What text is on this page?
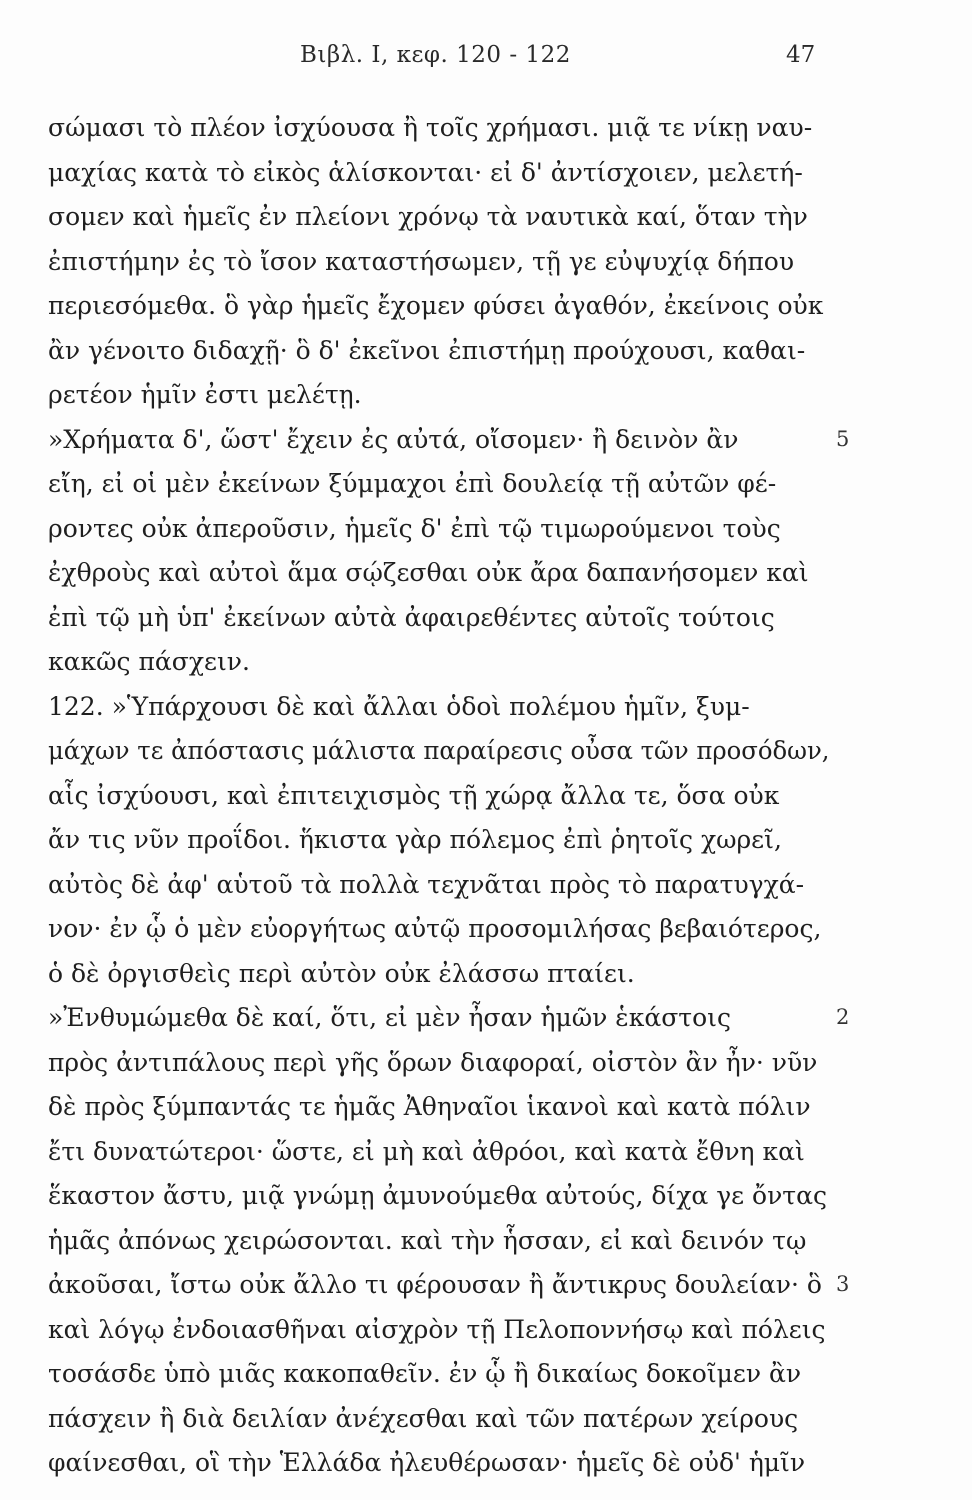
Βιβλ. I, κεφ. 120 - 122	47
σώμασι τὸ πλέον ἰσχύουσα ἢ τοῖς χρήμασι. μιᾷ τε νίκῃ ναυ-
μαχίας κατὰ τὸ εἰκὸς ἁλίσκονται· εἰ δ' ἀντίσχοιεν, μελετή-
σομεν καὶ ἡμεῖς ἐν πλείονι χρόνῳ τὰ ναυτικὰ καί, ὅταν τὴν
ἐπιστήμην ἐς τὸ ἴσον καταστήσωμεν, τῇ γε εὐψυχίᾳ δήπου
περιεσόμεθα. ὃ γὰρ ἡμεῖς ἔχομεν φύσει ἀγαθόν, ἐκείνοις οὐκ
ἂν γένοιτο διδαχῇ· ὃ δ' ἐκεῖνοι ἐπιστήμῃ προύχουσι, καθαι-
ρετέον ἡμῖν ἐστι μελέτῃ.
»Χρήματα δ', ὥστ' ἔχειν ἐς αὐτά, οἴσομεν· ἢ δεινὸν ἂν
εἴη, εἰ οἱ μὲν ἐκείνων ξύμμαχοι ἐπὶ δουλείᾳ τῇ αὐτῶν φέ-
ροντες οὐκ ἀπεροῦσιν, ἡμεῖς δ' ἐπὶ τῷ τιμωρούμενοι τοὺς
ἐχθροὺς καὶ αὐτοὶ ἅμα σῴζεσθαι οὐκ ἄρα δαπανήσομεν καὶ
ἐπὶ τῷ μὴ ὑπ' ἐκείνων αὐτὰ ἀφαιρεθέντες αὐτοῖς τούτοις
κακῶς πάσχειν.
122. »Ὑπάρχουσι δὲ καὶ ἄλλαι ὁδοὶ πολέμου ἡμῖν, ξυμ-
μάχων τε ἀπόστασις μάλιστα παραίρεσις οὖσα τῶν προσόδων,
αἷς ἰσχύουσι, καὶ ἐπιτειχισμὸς τῇ χώρᾳ ἄλλα τε, ὅσα οὐκ
ἄν τις νῦν προΐδοι. ἥκιστα γὰρ πόλεμος ἐπὶ ῥητοῖς χωρεῖ,
αὐτὸς δὲ ἀφ' αὑτοῦ τὰ πολλὰ τεχνᾶται πρὸς τὸ παρατυγχά-
νον· ἐν ᾧ ὁ μὲν εὐοργήτως αὐτῷ προσομιλήσας βεβαιότερος,
ὁ δὲ ὀργισθεὶς περὶ αὐτὸν οὐκ ἐλάσσω πταίει.
»Ἐνθυμώμεθα δὲ καί, ὅτι, εἰ μὲν ἦσαν ἡμῶν ἑκάστοις
πρὸς ἀντιπάλους περὶ γῆς ὅρων διαφοραί, οἰστὸν ἂν ἦν· νῦν
δὲ πρὸς ξύμπαντάς τε ἡμᾶς Ἀθηναῖοι ἱκανοὶ καὶ κατὰ πόλιν
ἔτι δυνατώτεροι· ὥστε, εἰ μὴ καὶ ἀθρόοι, καὶ κατὰ ἔθνη καὶ
ἕκαστον ἄστυ, μιᾷ γνώμῃ ἀμυνούμεθα αὐτούς, δίχα γε ὄντας
ἡμᾶς ἀπόνως χειρώσονται. καὶ τὴν ἧσσαν, εἰ καὶ δεινόν τῳ
ἀκοῦσαι, ἴστω οὐκ ἄλλο τι φέρουσαν ἢ ἄντικρυς δουλείαν· ὃ
καὶ λόγῳ ἐνδοιασθῆναι αἰσχρὸν τῇ Πελοποννήσῳ καὶ πόλεις
τοσάσδε ὑπὸ μιᾶς κακοπαθεῖν. ἐν ᾧ ἢ δικαίως δοκοῖμεν ἂν
πάσχειν ἢ διὰ δειλίαν ἀνέχεσθαι καὶ τῶν πατέρων χείρους
φαίνεσθαι, οἳ τὴν Ἑλλάδα ἠλευθέρωσαν· ἡμεῖς δὲ οὐδ' ἡμῖν
5
2
3
